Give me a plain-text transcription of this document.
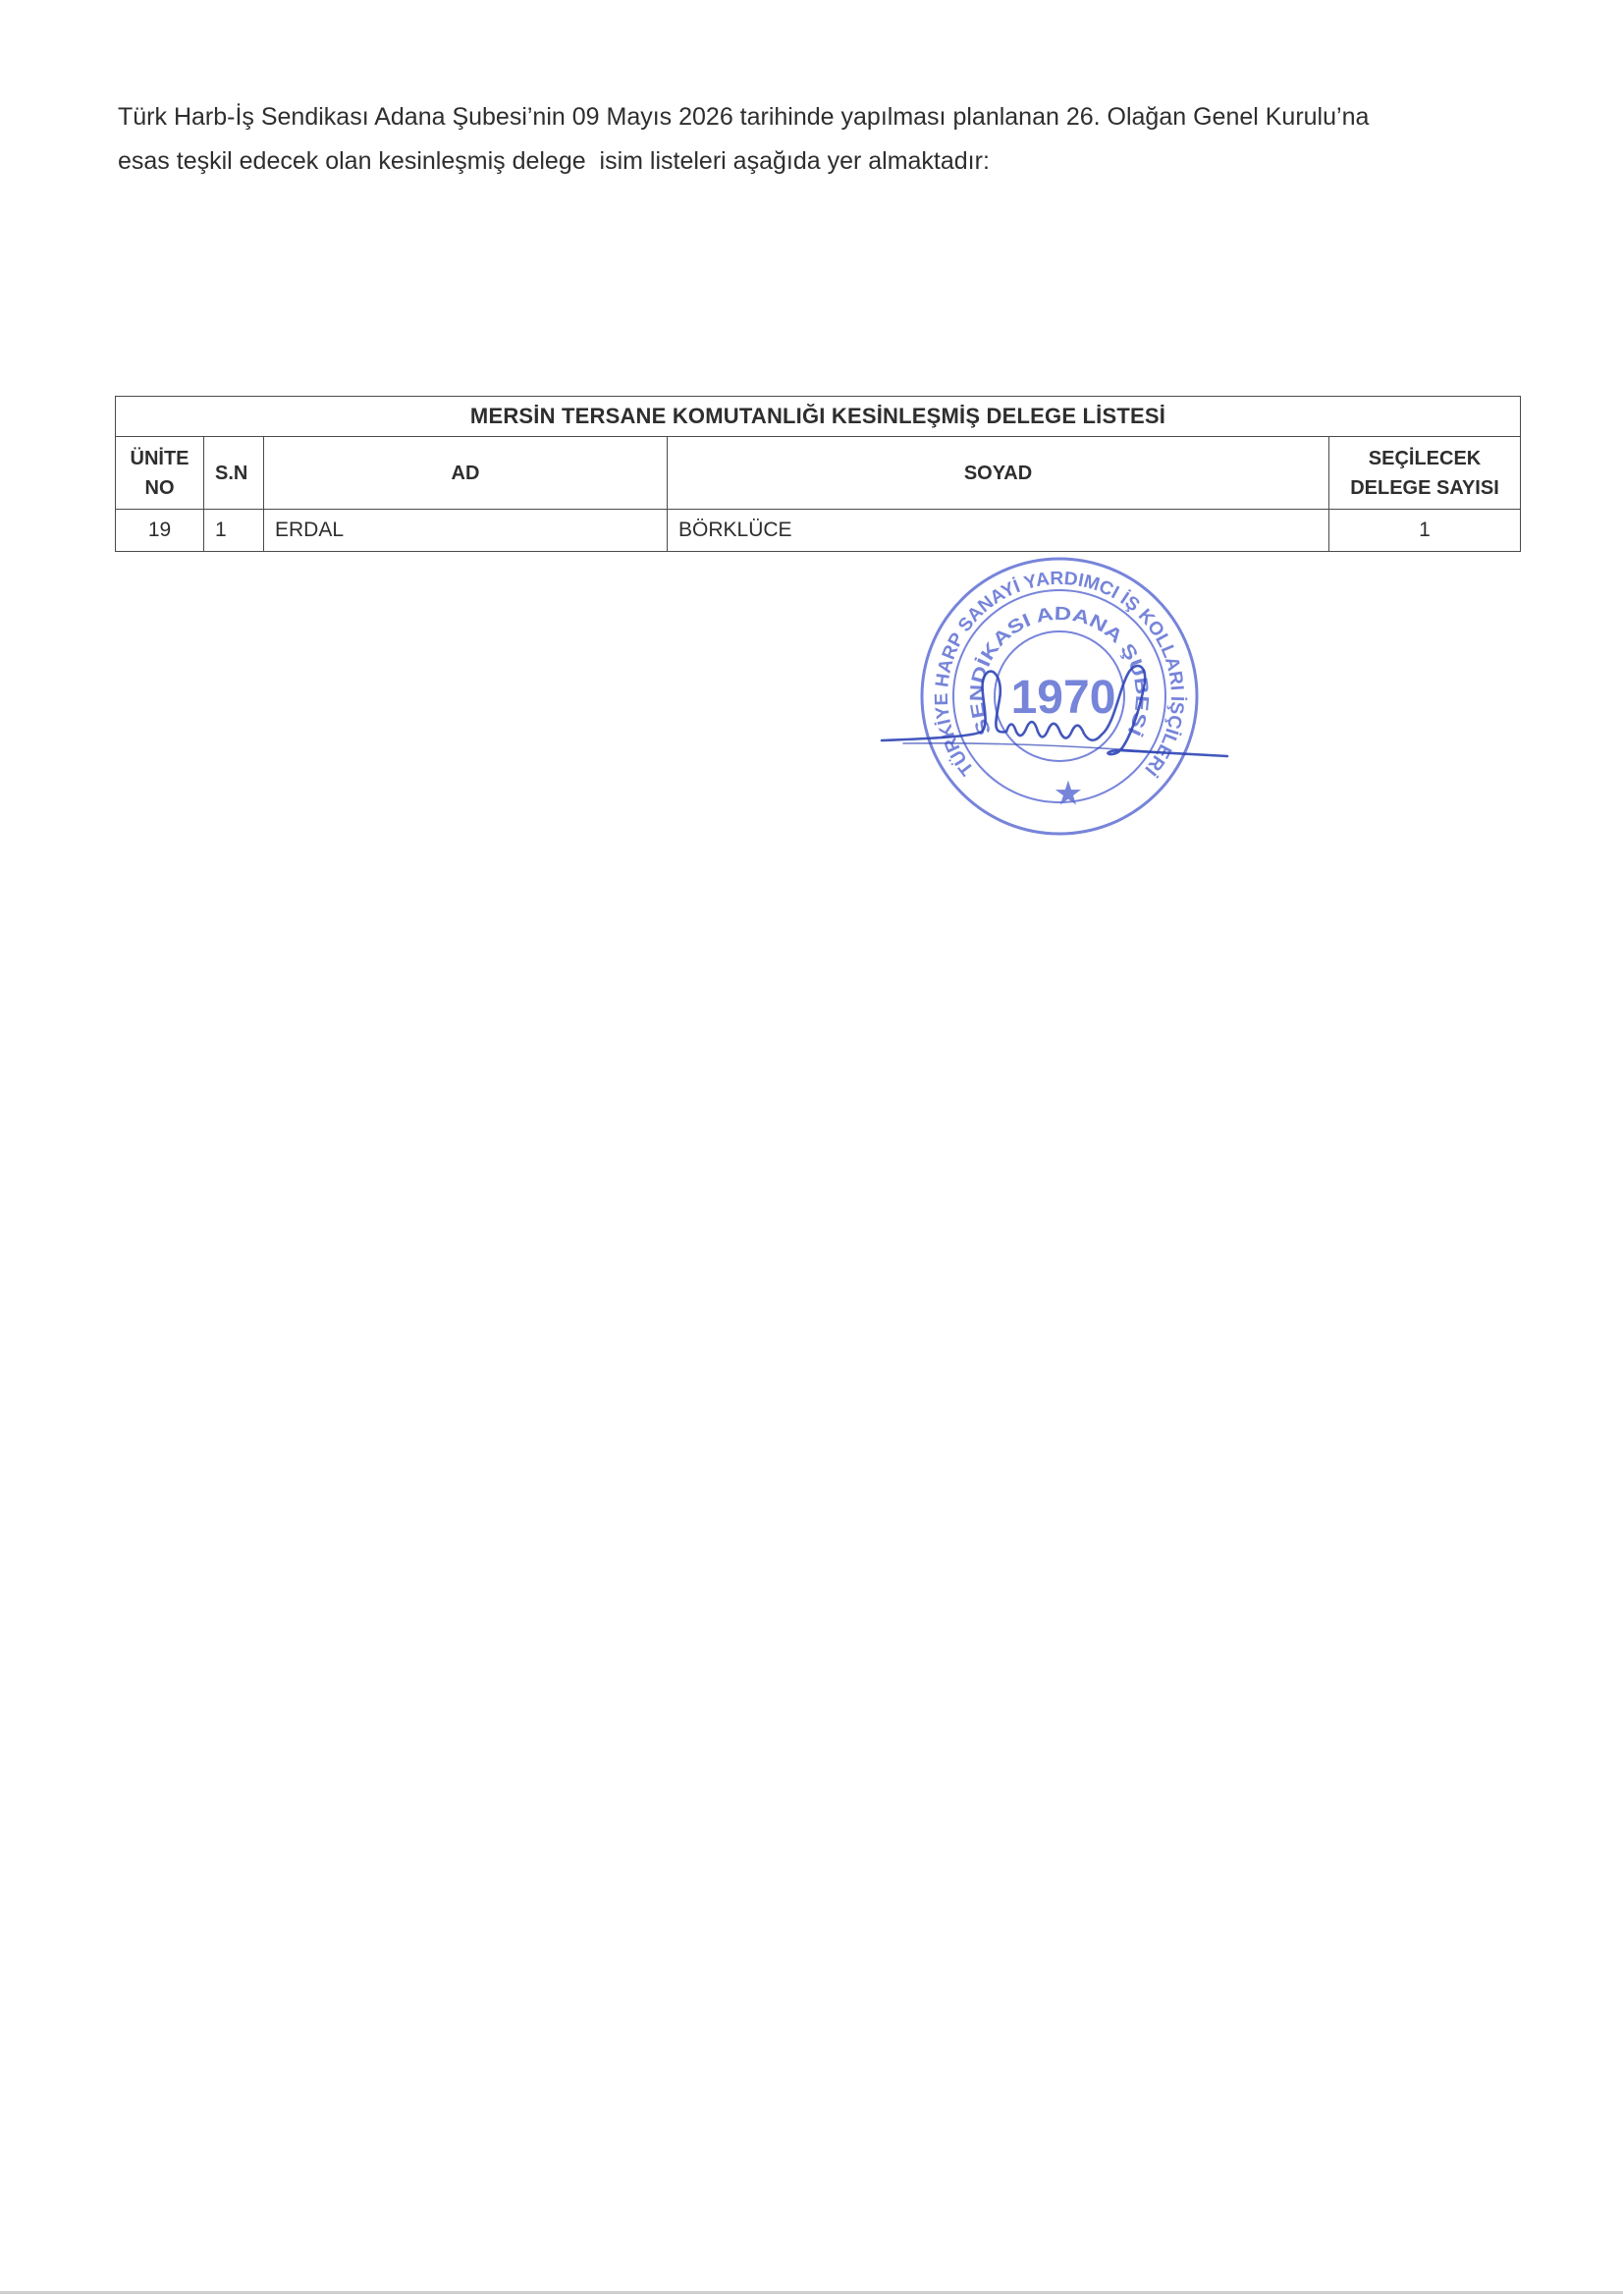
Türk Harb-İş Sendikası Adana Şubesi’nin 09 Mayıs 2026 tarihinde yapılması planlanan 26. Olağan Genel Kurulu’na
esas teşkil edecek olan kesinleşmiş delege  isim listeleri aşağıda yer almaktadır:
MERSİN TERSANE KOMUTANLIĞI KESİNLEŞMİŞ DELEGE LİSTESİ				

ÜNİTE
NO	S.N	AD	SOYAD	SEÇİLECEK
DELEGE SAYISI

19	1	ERDAL	BÖRKLÜCE	1
TÜRKİYE HARP SANAYİ YARDIMCI İŞ KOLLARI İŞÇİLERİ
SENDİKASI ADANA ŞUBESİ
1970
★
